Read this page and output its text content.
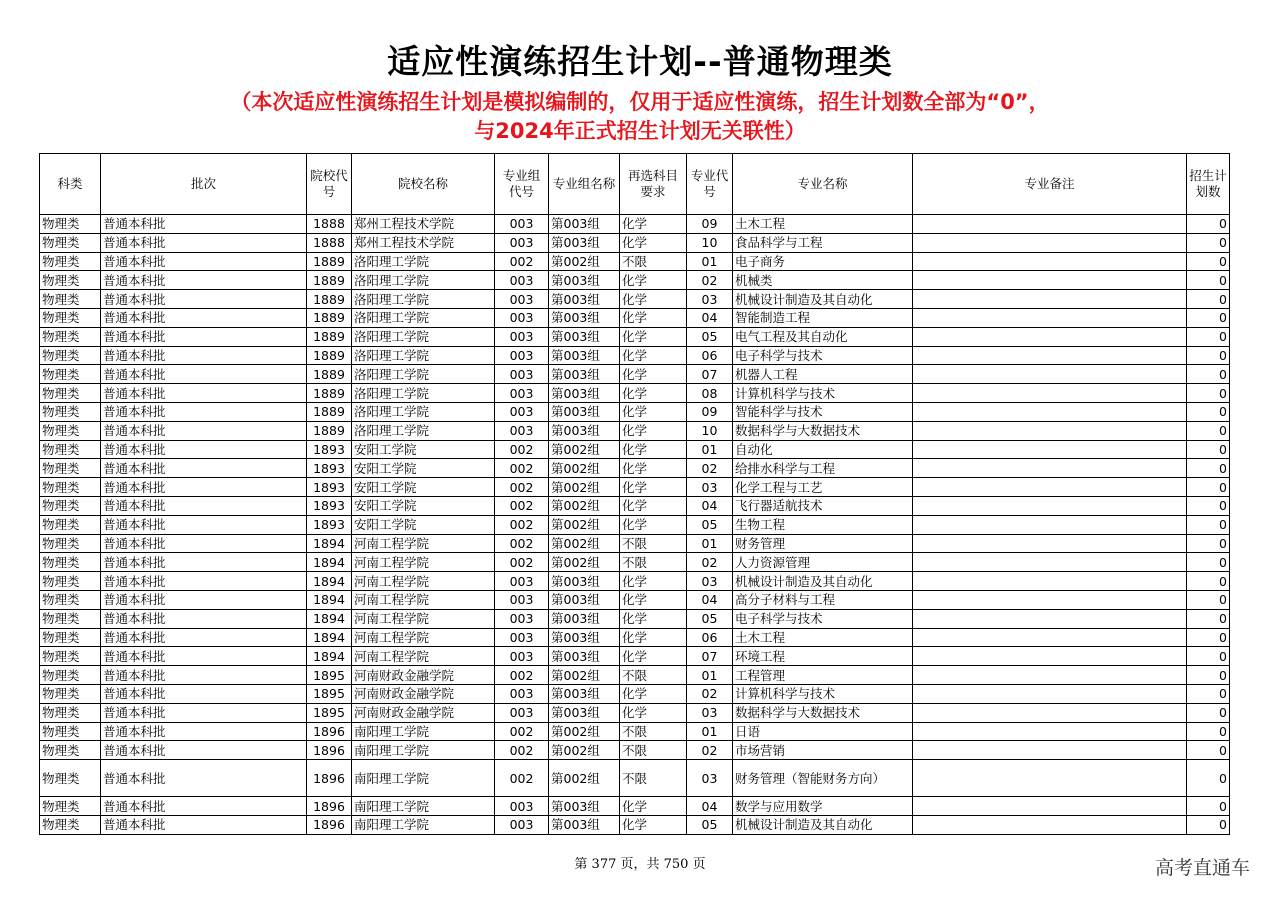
适应性演练招生计划--普通物理类
（本次适应性演练招生计划是模拟编制的，仅用于适应性演练，招生计划数全部为“0”，
与2024年正式招生计划无关联性）
科类	批次	院校代号	院校名称	专业组代号	专业组名称	再选科目要求	专业代号	专业名称	专业备注	招生计划数
物理类	普通本科批	1888	郑州工程技术学院	003	第003组	化学	09	土木工程		0
物理类	普通本科批	1888	郑州工程技术学院	003	第003组	化学	10	食品科学与工程		0
物理类	普通本科批	1889	洛阳理工学院	002	第002组	不限	01	电子商务		0
物理类	普通本科批	1889	洛阳理工学院	003	第003组	化学	02	机械类		0
物理类	普通本科批	1889	洛阳理工学院	003	第003组	化学	03	机械设计制造及其自动化		0
物理类	普通本科批	1889	洛阳理工学院	003	第003组	化学	04	智能制造工程		0
物理类	普通本科批	1889	洛阳理工学院	003	第003组	化学	05	电气工程及其自动化		0
物理类	普通本科批	1889	洛阳理工学院	003	第003组	化学	06	电子科学与技术		0
物理类	普通本科批	1889	洛阳理工学院	003	第003组	化学	07	机器人工程		0
物理类	普通本科批	1889	洛阳理工学院	003	第003组	化学	08	计算机科学与技术		0
物理类	普通本科批	1889	洛阳理工学院	003	第003组	化学	09	智能科学与技术		0
物理类	普通本科批	1889	洛阳理工学院	003	第003组	化学	10	数据科学与大数据技术		0
物理类	普通本科批	1893	安阳工学院	002	第002组	化学	01	自动化		0
物理类	普通本科批	1893	安阳工学院	002	第002组	化学	02	给排水科学与工程		0
物理类	普通本科批	1893	安阳工学院	002	第002组	化学	03	化学工程与工艺		0
物理类	普通本科批	1893	安阳工学院	002	第002组	化学	04	飞行器适航技术		0
物理类	普通本科批	1893	安阳工学院	002	第002组	化学	05	生物工程		0
物理类	普通本科批	1894	河南工程学院	002	第002组	不限	01	财务管理		0
物理类	普通本科批	1894	河南工程学院	002	第002组	不限	02	人力资源管理		0
物理类	普通本科批	1894	河南工程学院	003	第003组	化学	03	机械设计制造及其自动化		0
物理类	普通本科批	1894	河南工程学院	003	第003组	化学	04	高分子材料与工程		0
物理类	普通本科批	1894	河南工程学院	003	第003组	化学	05	电子科学与技术		0
物理类	普通本科批	1894	河南工程学院	003	第003组	化学	06	土木工程		0
物理类	普通本科批	1894	河南工程学院	003	第003组	化学	07	环境工程		0
物理类	普通本科批	1895	河南财政金融学院	002	第002组	不限	01	工程管理		0
物理类	普通本科批	1895	河南财政金融学院	003	第003组	化学	02	计算机科学与技术		0
物理类	普通本科批	1895	河南财政金融学院	003	第003组	化学	03	数据科学与大数据技术		0
物理类	普通本科批	1896	南阳理工学院	002	第002组	不限	01	日语		0
物理类	普通本科批	1896	南阳理工学院	002	第002组	不限	02	市场营销		0
物理类	普通本科批	1896	南阳理工学院	002	第002组	不限	03	财务管理（智能财务方向）		0
物理类	普通本科批	1896	南阳理工学院	003	第003组	化学	04	数学与应用数学		0
物理类	普通本科批	1896	南阳理工学院	003	第003组	化学	05	机械设计制造及其自动化		0
第 377 页，共 750 页	高考直通车
